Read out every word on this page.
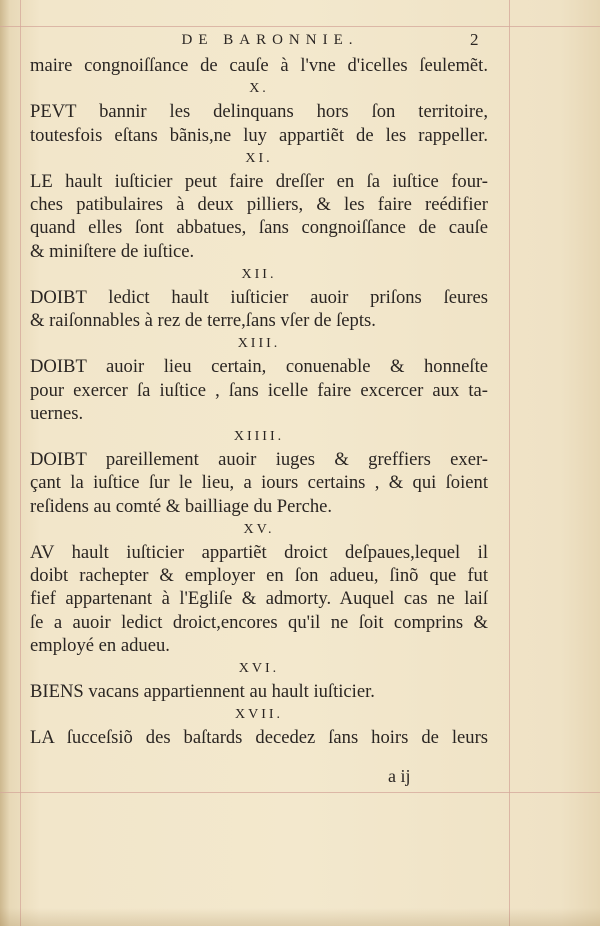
DE BARONNIE.	2
maire congnoiſſance de cauſe à l'vne d'icelles ſeulemẽt.
X.
PEVT bannir les delinquans hors ſon territoire,
toutesfois eſtans bãnis,ne luy appartiẽt de les rappeller.
XI.
LE hault iuſticier peut faire dreſſer en ſa iuſtice four-
ches patibulaires à deux pilliers, & les faire reédifier
quand elles ſont abbatues, ſans congnoiſſance de cauſe
& miniſtere de iuſtice.
XII.
DOIBT ledict hault iuſticier auoir priſons ſeures
& raiſonnables à rez de terre,ſans vſer de ſepts.
XIII.
DOIBT auoir lieu certain, conuenable & honneſte
pour exercer ſa iuſtice , ſans icelle faire excercer aux ta-
uernes.
XIIII.
DOIBT pareillement auoir iuges & greffiers exer-
çant la iuſtice ſur le lieu, a iours certains , & qui ſoient
reſidens au comté & bailliage du Perche.
XV.
AV hault iuſticier appartiẽt droict deſpaues,lequel il
doibt rachepter & employer en ſon adueu, ſinõ que fut
fief appartenant à l'Egliſe & admorty. Auquel cas ne laiſ
ſe a auoir ledict droict,encores qu'il ne ſoit comprins &
employé en adueu.
XVI.
BIENS vacans appartiennent au hault iuſticier.
XVII.
LA ſucceſsiõ des baſtards decedez ſans hoirs de leurs
a ij
